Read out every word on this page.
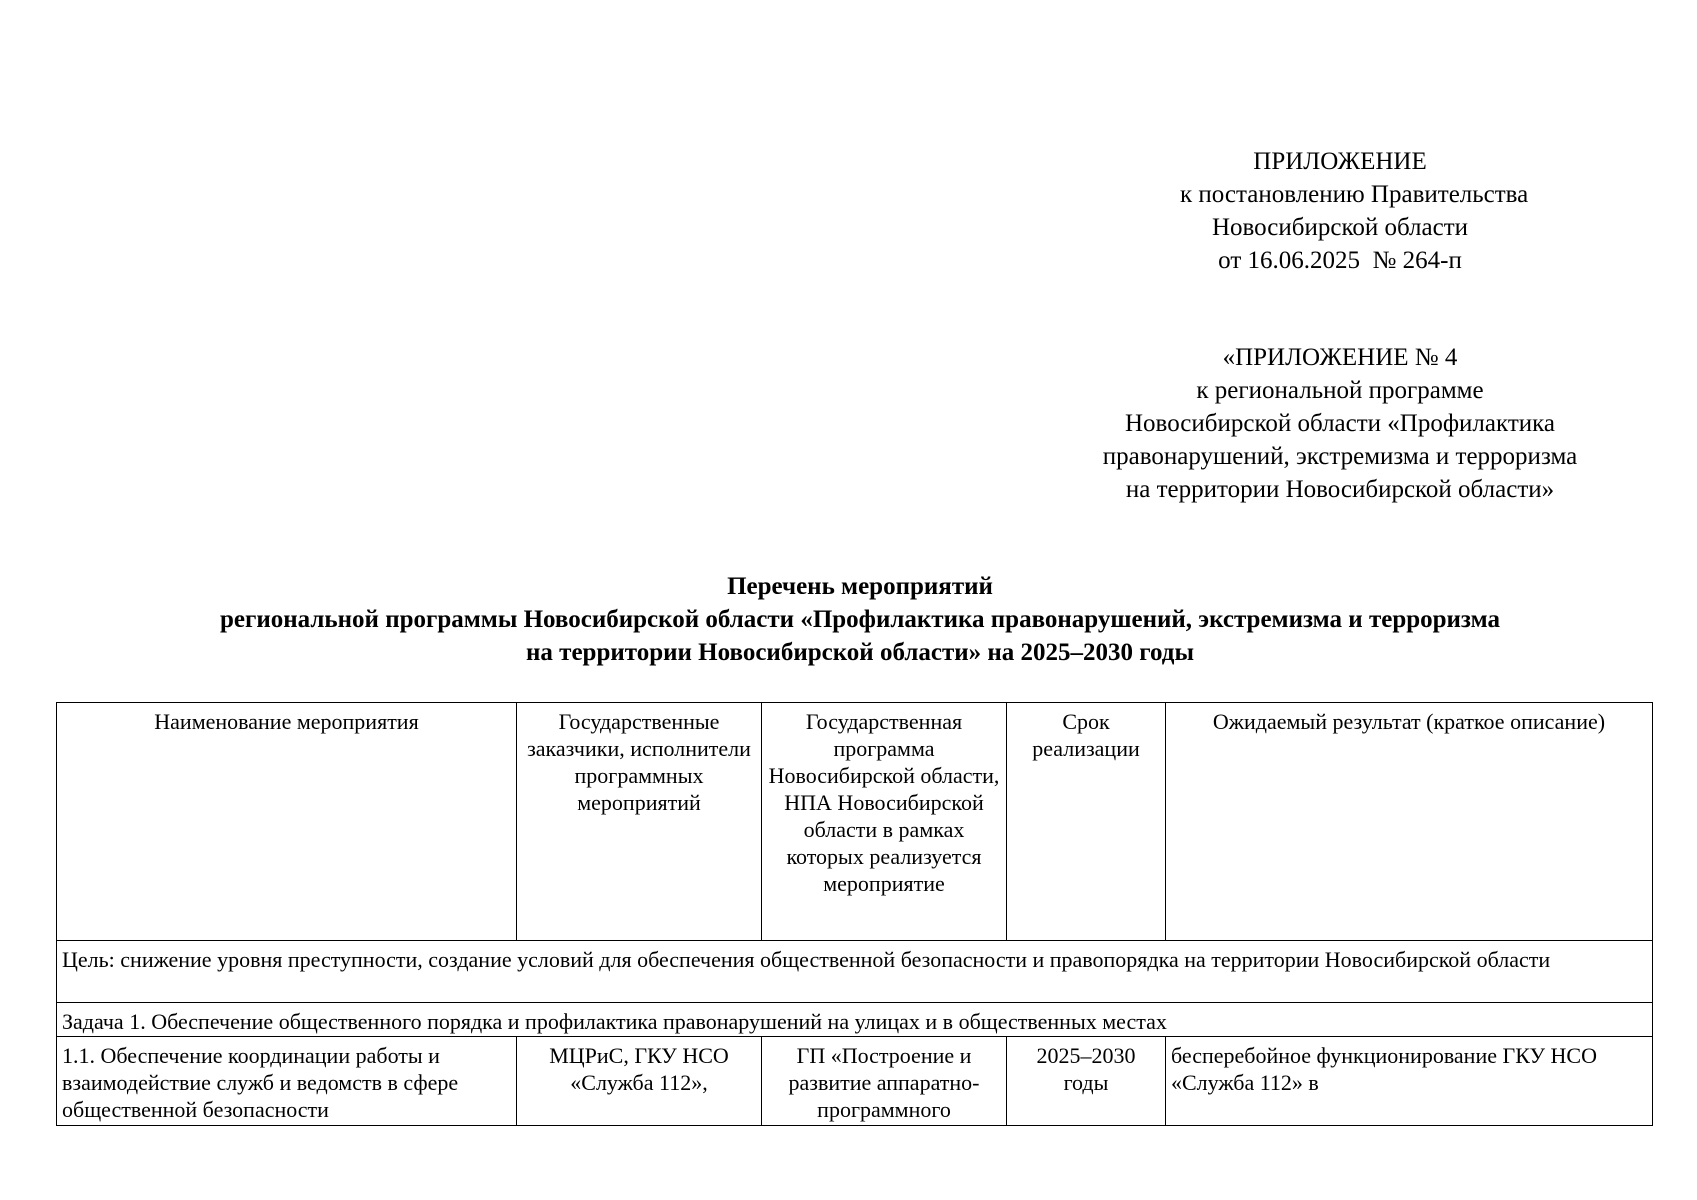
ПРИЛОЖЕНИЕ
к постановлению Правительства
Новосибирской области
от 16.06.2025  № 264-п
«ПРИЛОЖЕНИЕ № 4
к региональной программе
Новосибирской области «Профилактика
правонарушений, экстремизма и терроризма
на территории Новосибирской области»
Перечень мероприятий
региональной программы Новосибирской области «Профилактика правонарушений, экстремизма и терроризма
на территории Новосибирской области» на 2025–2030 годы
Наименование мероприятия	Государственные заказчики, исполнители программных мероприятий	Государственная программа Новосибирской области, НПА Новосибирской области в рамках которых реализуется мероприятие	Срок реализации	Ожидаемый результат (краткое описание)
Цель: снижение уровня преступности, создание условий для обеспечения общественной безопасности и правопорядка на территории Новосибирской области				
Задача 1. Обеспечение общественного порядка и профилактика правонарушений на улицах и в общественных местах				
1.1. Обеспечение координации работы и взаимодействие служб и ведомств в сфере общественной безопасности	МЦРиС, ГКУ НСО «Служба 112»,	ГП «Построение и развитие аппаратно-программного	2025–2030 годы	бесперебойное функционирование ГКУ НСО «Служба 112» в
